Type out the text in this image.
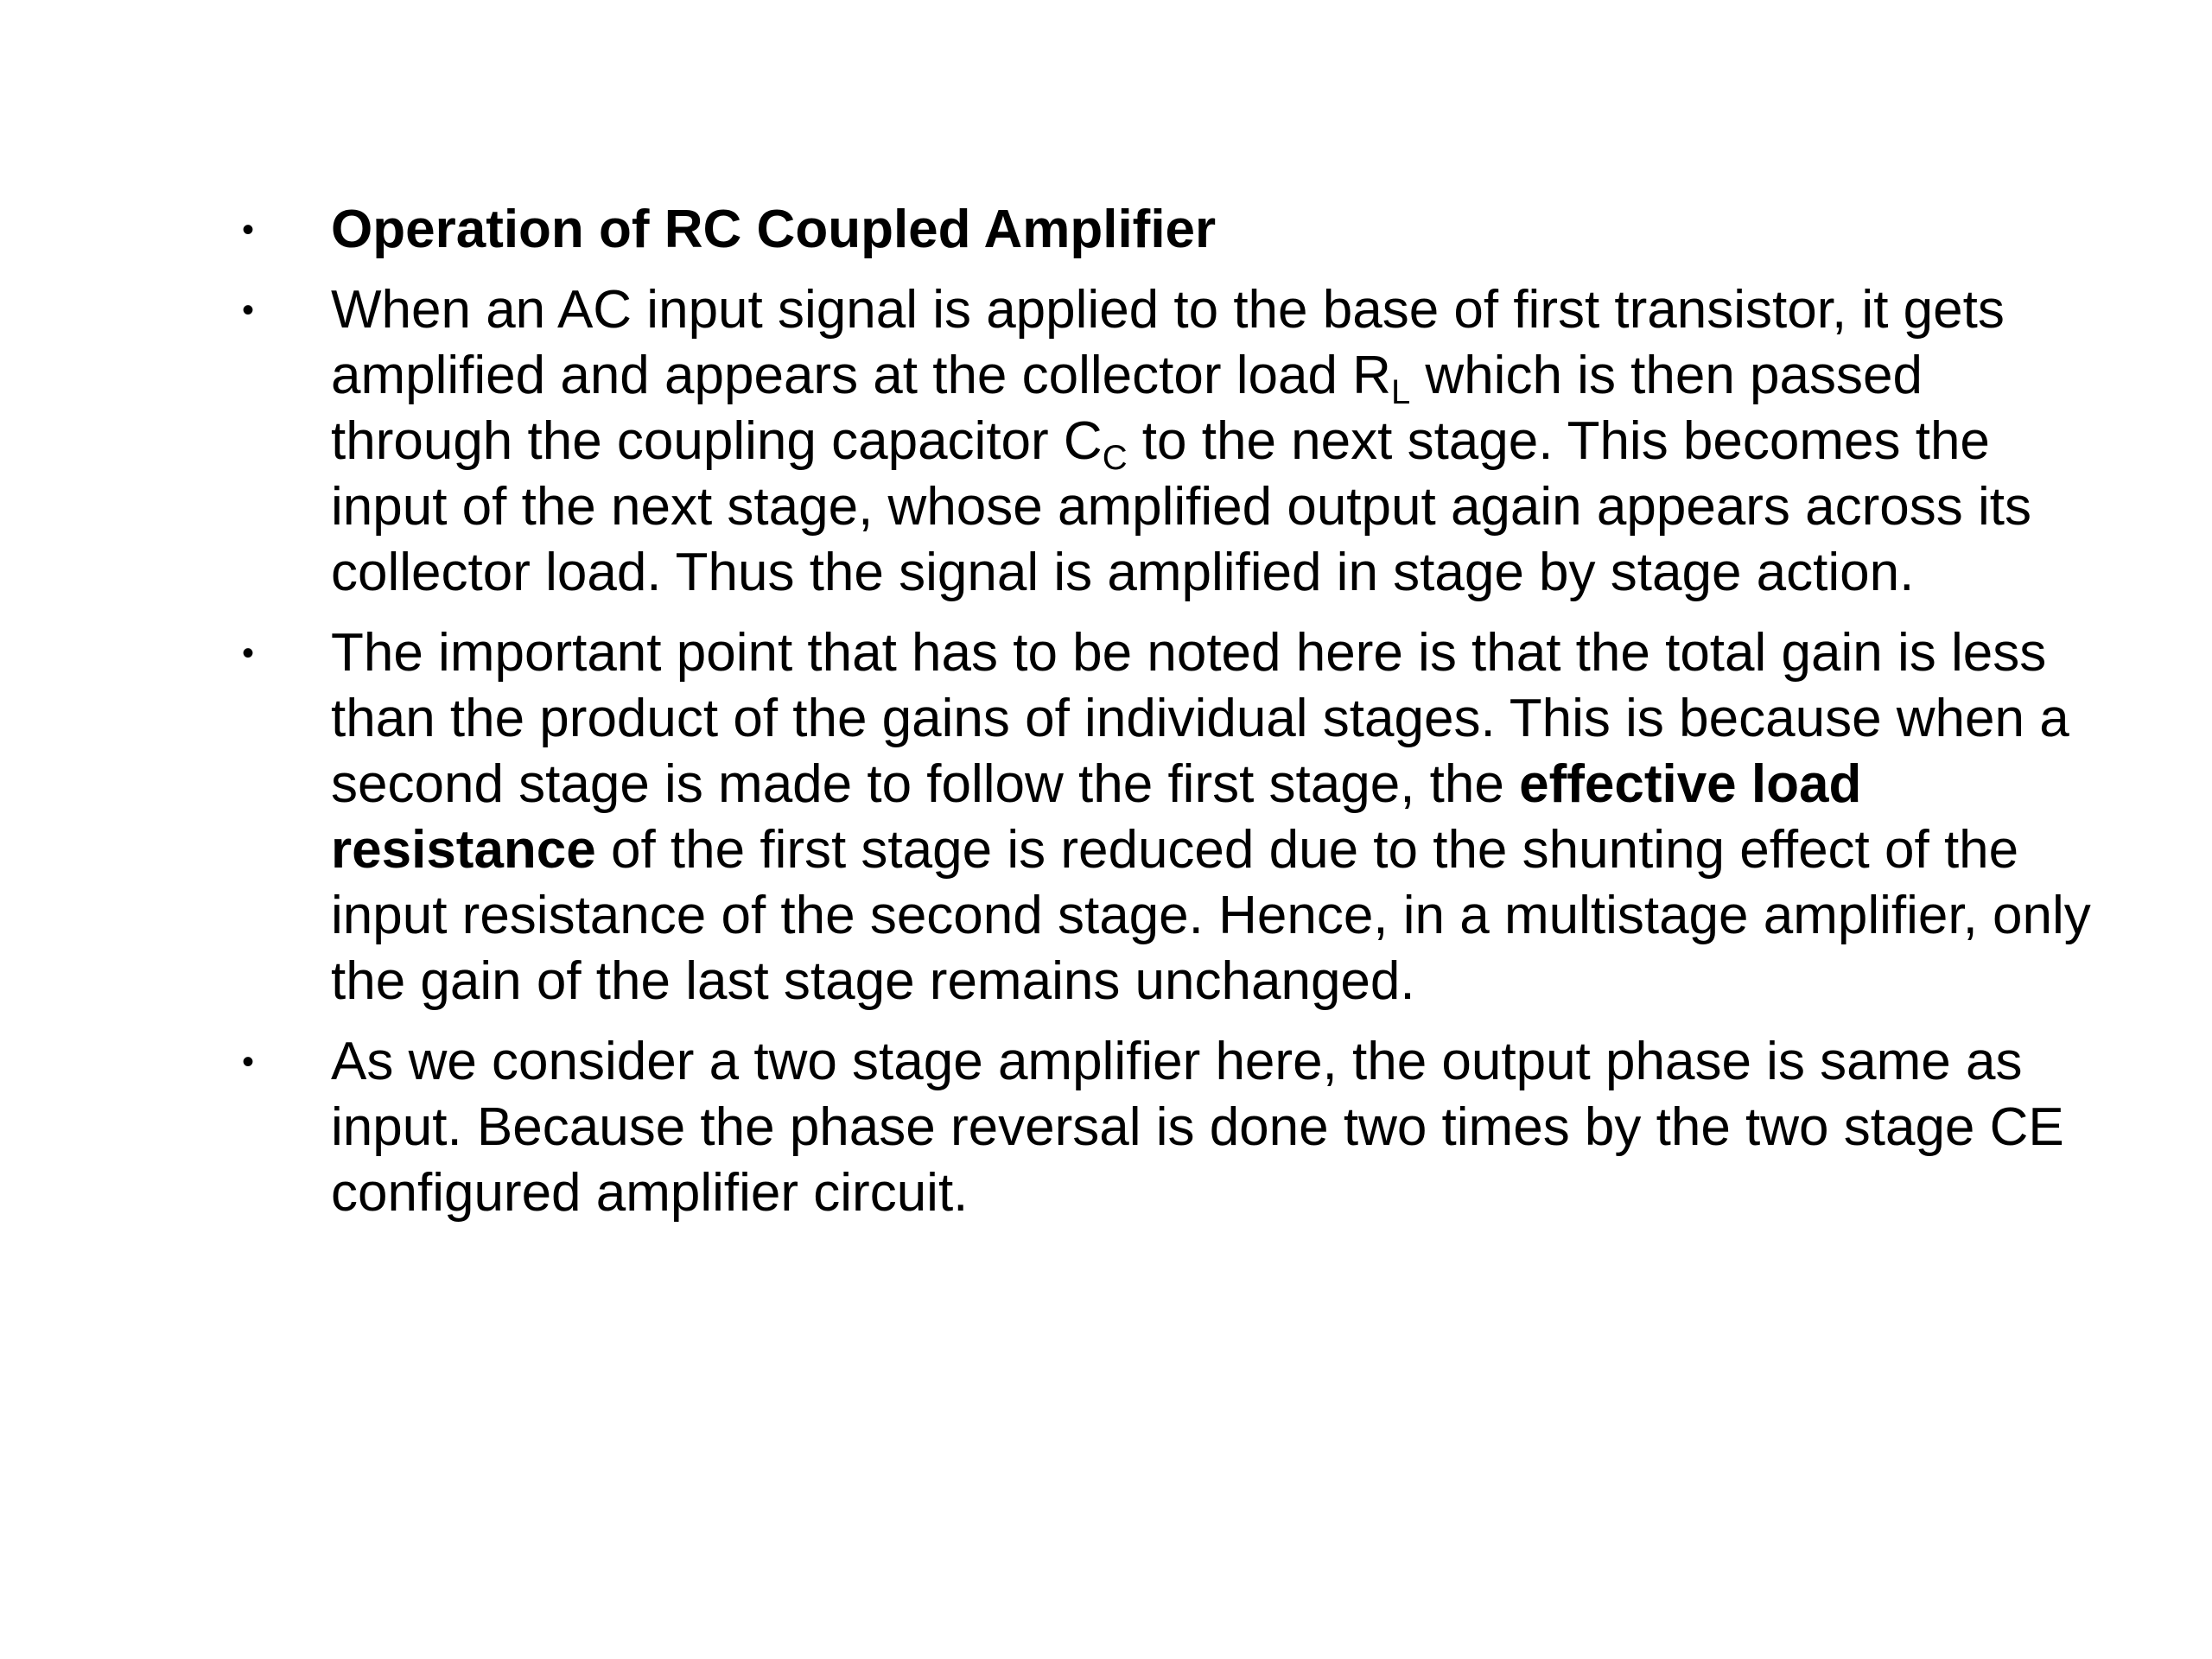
•	Operation of RC Coupled Amplifier
•	When an AC input signal is applied to the base of first transistor, it gets amplified and appears at the collector load $R_L$ which is then passed through the coupling capacitor $C_C$ to the next stage. This becomes the input of the next stage, whose amplified output again appears across its collector load. Thus the signal is amplified in stage by stage action.
•	The important point that has to be noted here is that the total gain is less than the product of the gains of individual stages. This is because when a second stage is made to follow the first stage, the effective load resistance of the first stage is reduced due to the shunting effect of the input resistance of the second stage. Hence, in a multistage amplifier, only the gain of the last stage remains unchanged.
•	As we consider a two stage amplifier here, the output phase is same as input. Because the phase reversal is done two times by the two stage CE configured amplifier circuit.
